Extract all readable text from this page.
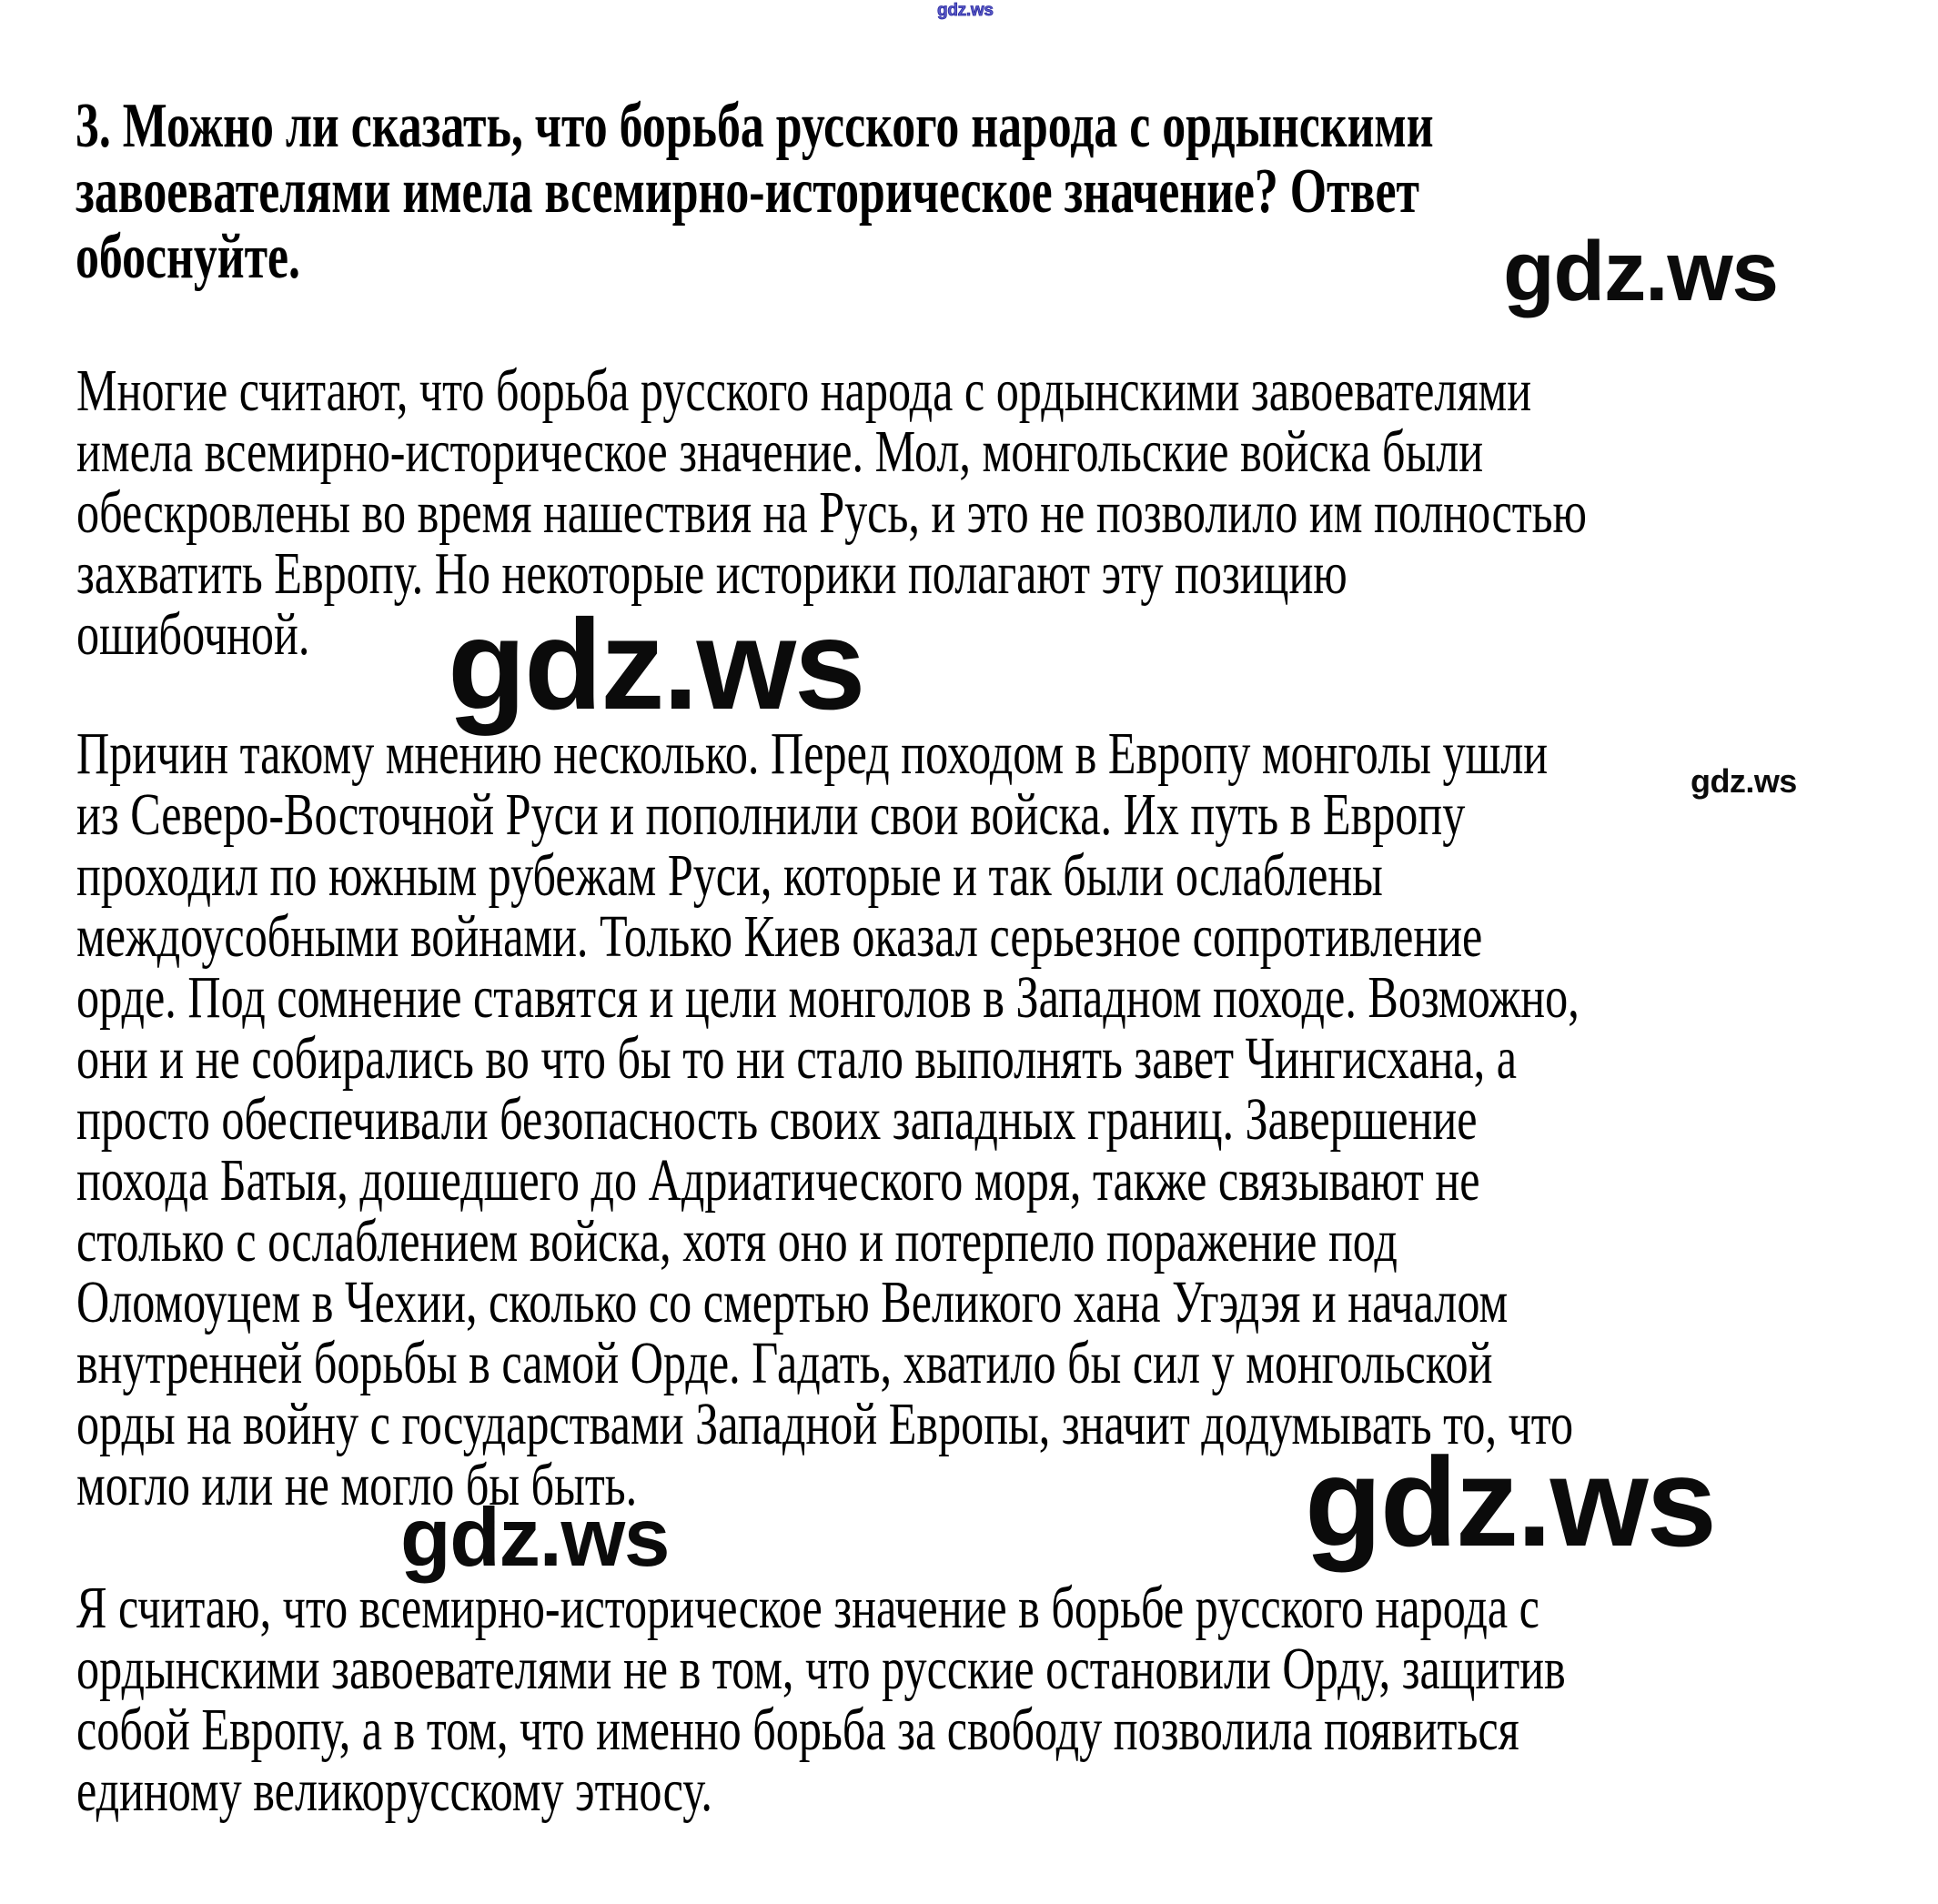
gdz.ws
gdz.ws
gdz.ws
gdz.ws
gdz.ws	gdz.ws
3. Можно ли сказать, что борьба русского народа с ордынскими
завоевателями имела всемирно-историческое значение? Ответ
обоснуйте.
Многие считают, что борьба русского народа с ордынскими завоевателями
имела всемирно-историческое значение. Мол, монгольские войска были
обескровлены во время нашествия на Русь, и это не позволило им полностью
захватить Европу. Но некоторые историки полагают эту позицию
ошибочной.
Причин такому мнению несколько. Перед походом в Европу монголы ушли
из Северо-Восточной Руси и пополнили свои войска. Их путь в Европу
проходил по южным рубежам Руси, которые и так были ослаблены
междоусобными войнами. Только Киев оказал серьезное сопротивление
орде. Под сомнение ставятся и цели монголов в Западном походе. Возможно,
они и не собирались во что бы то ни стало выполнять завет Чингисхана, а
просто обеспечивали безопасность своих западных границ. Завершение
похода Батыя, дошедшего до Адриатического моря, также связывают не
столько с ослаблением войска, хотя оно и потерпело поражение под
Оломоуцем в Чехии, сколько со смертью Великого хана Угэдэя и началом
внутренней борьбы в самой Орде. Гадать, хватило бы сил у монгольской
орды на войну с государствами Западной Европы, значит додумывать то, что
могло или не могло бы быть.
Я считаю, что всемирно-историческое значение в борьбе русского народа с
ордынскими завоевателями не в том, что русские остановили Орду, защитив
собой Европу, а в том, что именно борьба за свободу позволила появиться
единому великорусскому этносу.
